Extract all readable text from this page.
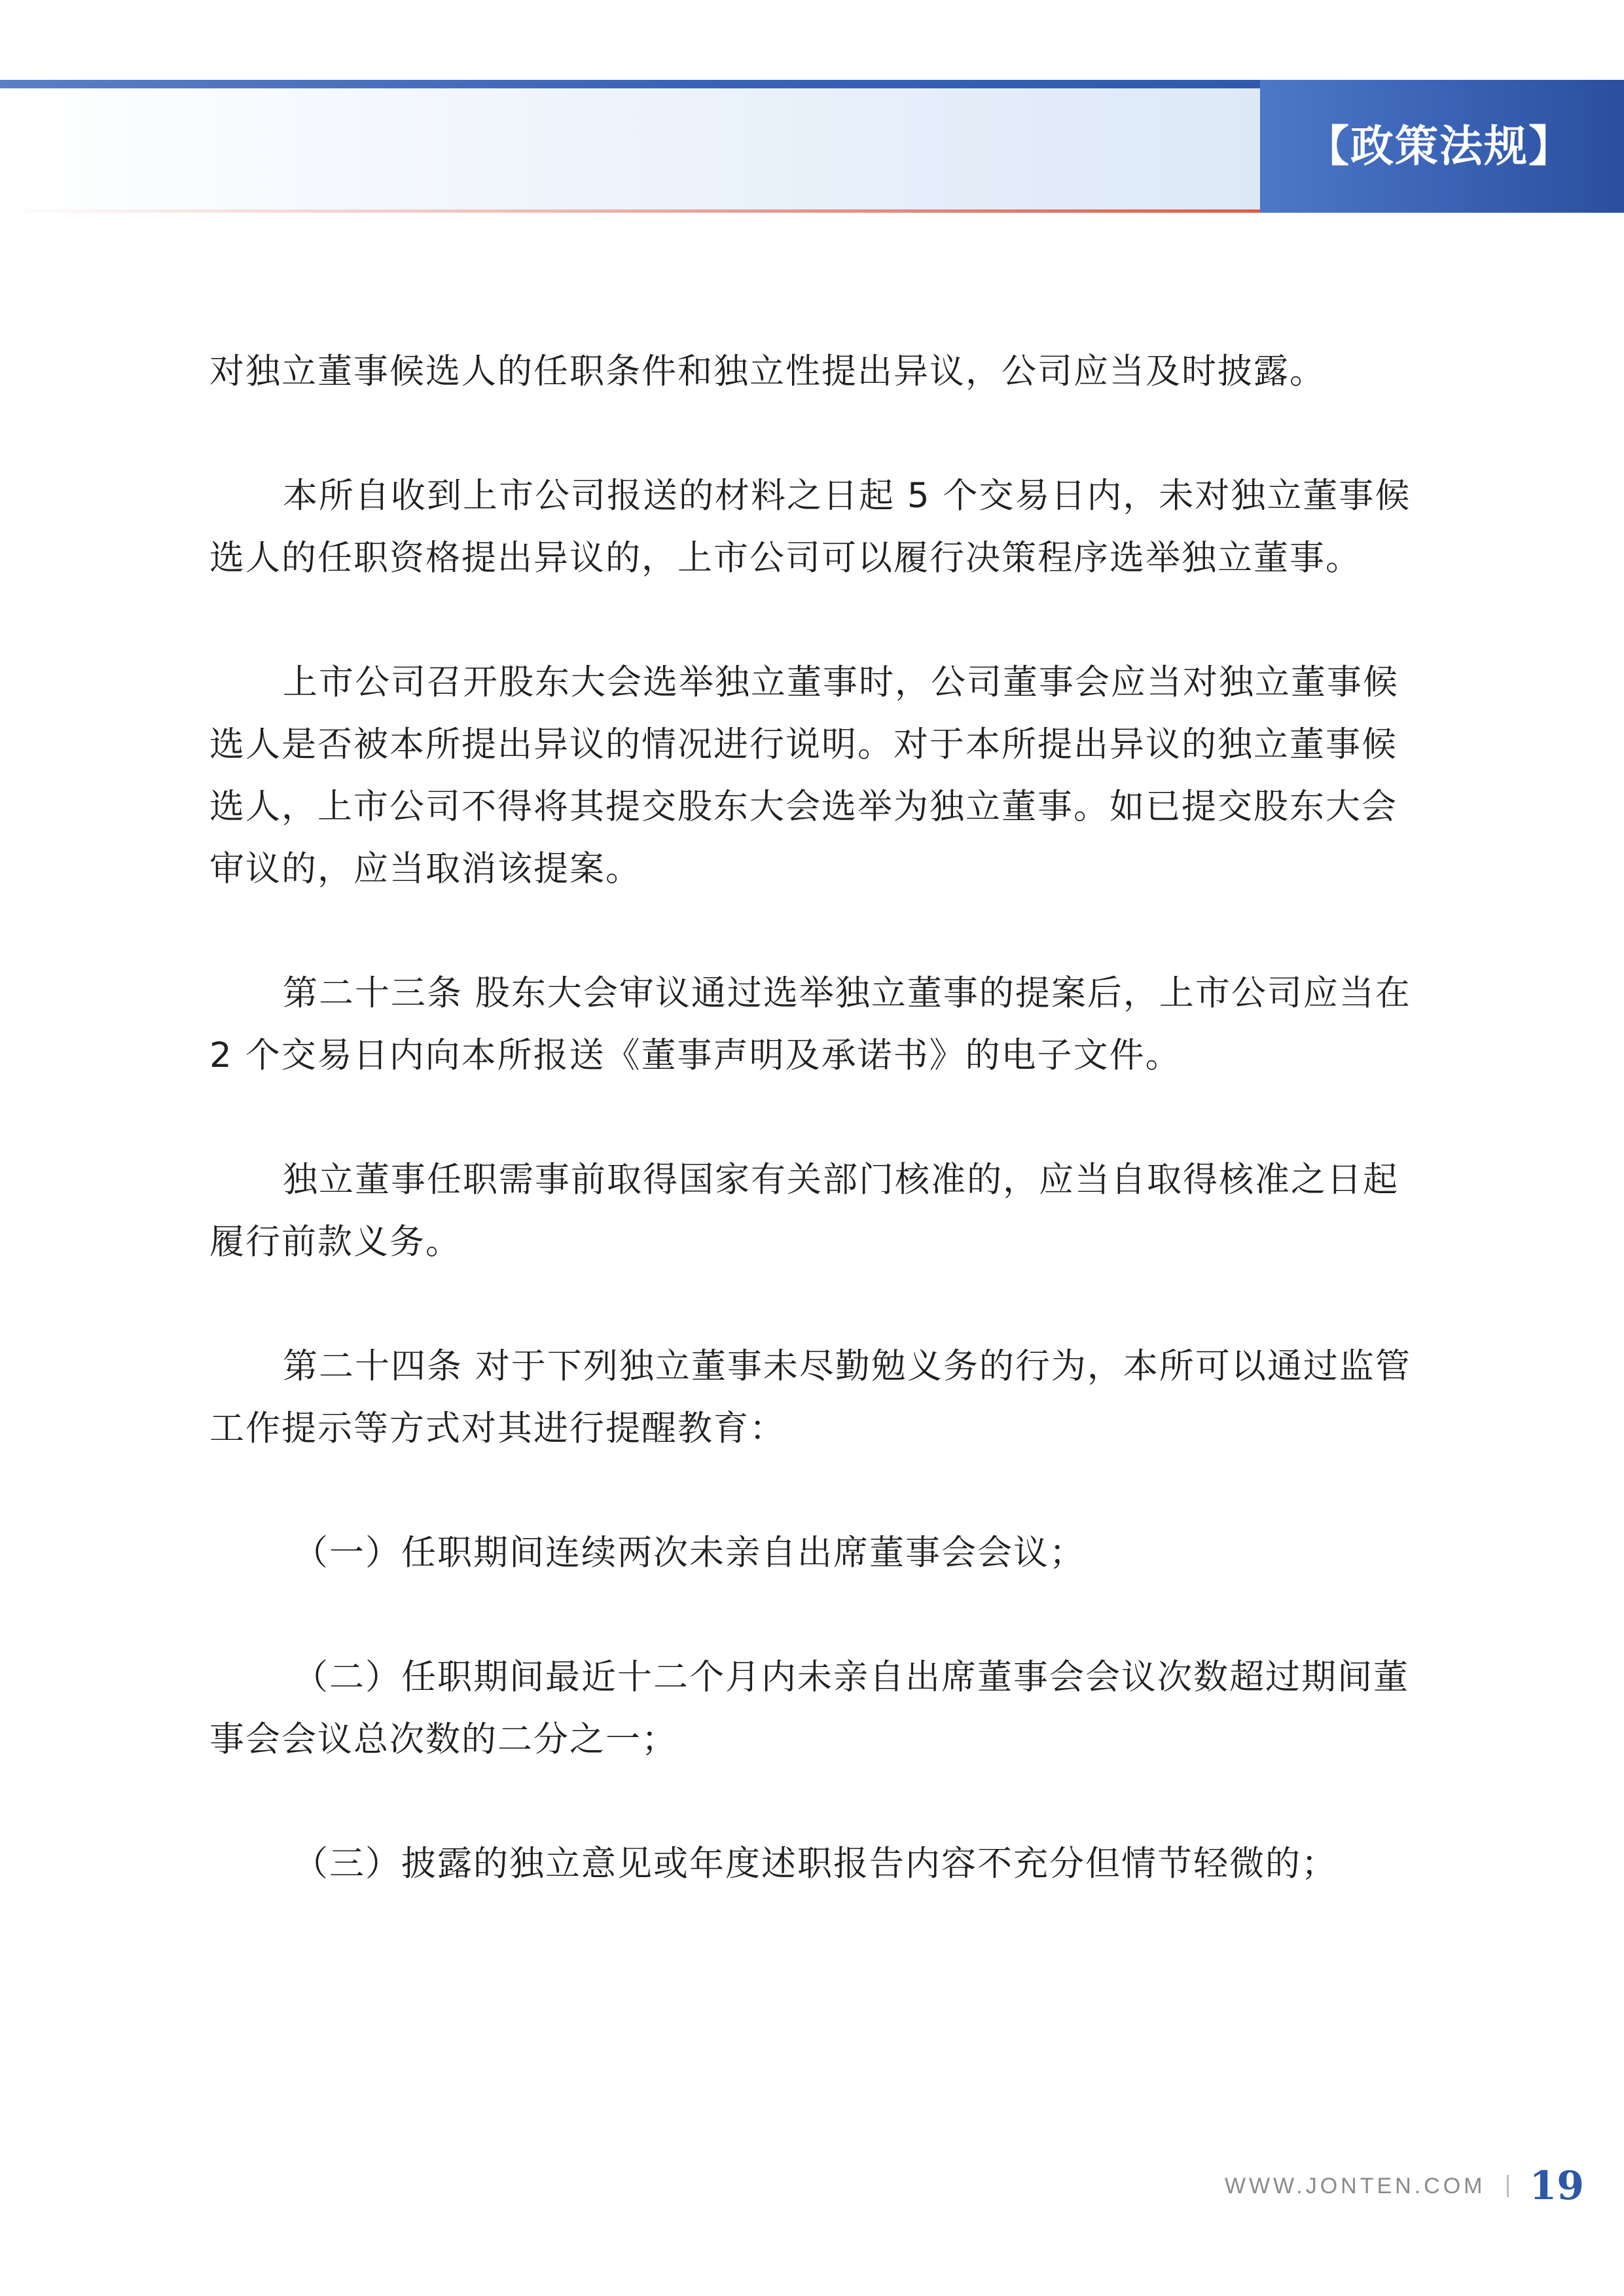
【政策法规】

对独立董事候选人的任职条件和独立性提出异议，公司应当及时披露。

本所自收到上市公司报送的材料之日起 5 个交易日内，未对独立董事候选人的任职资格提出异议的，上市公司可以履行决策程序选举独立董事。

上市公司召开股东大会选举独立董事时，公司董事会应当对独立董事候选人是否被本所提出异议的情况进行说明。对于本所提出异议的独立董事候选人，上市公司不得将其提交股东大会选举为独立董事。如已提交股东大会审议的，应当取消该提案。

第二十三条 股东大会审议通过选举独立董事的提案后，上市公司应当在 2 个交易日内向本所报送《董事声明及承诺书》的电子文件。

独立董事任职需事前取得国家有关部门核准的，应当自取得核准之日起履行前款义务。

第二十四条 对于下列独立董事未尽勤勉义务的行为，本所可以通过监管工作提示等方式对其进行提醒教育：

（一）任职期间连续两次未亲自出席董事会会议；

（二）任职期间最近十二个月内未亲自出席董事会会议次数超过期间董事会会议总次数的二分之一；

（三）披露的独立意见或年度述职报告内容不充分但情节轻微的；

WWW.JONTEN.COM 19
